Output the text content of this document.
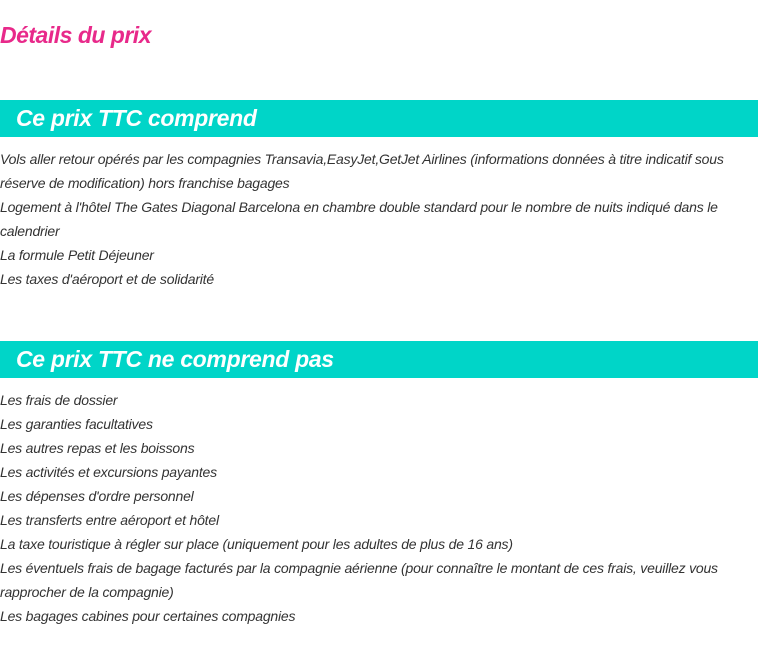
Détails du prix
Ce prix TTC comprend
Vols aller retour opérés par les compagnies Transavia,EasyJet,GetJet Airlines (informations données à titre indicatif sous réserve de modification) hors franchise bagages
Logement à l'hôtel The Gates Diagonal Barcelona en chambre double standard pour le nombre de nuits indiqué dans le calendrier
La formule Petit Déjeuner
Les taxes d'aéroport et de solidarité
Ce prix TTC ne comprend pas
Les frais de dossier
Les garanties facultatives
Les autres repas et les boissons
Les activités et excursions payantes
Les dépenses d'ordre personnel
Les transferts entre aéroport et hôtel
La taxe touristique à régler sur place (uniquement pour les adultes de plus de 16 ans)
Les éventuels frais de bagage facturés par la compagnie aérienne (pour connaître le montant de ces frais, veuillez vous rapprocher de la compagnie)
Les bagages cabines pour certaines compagnies
